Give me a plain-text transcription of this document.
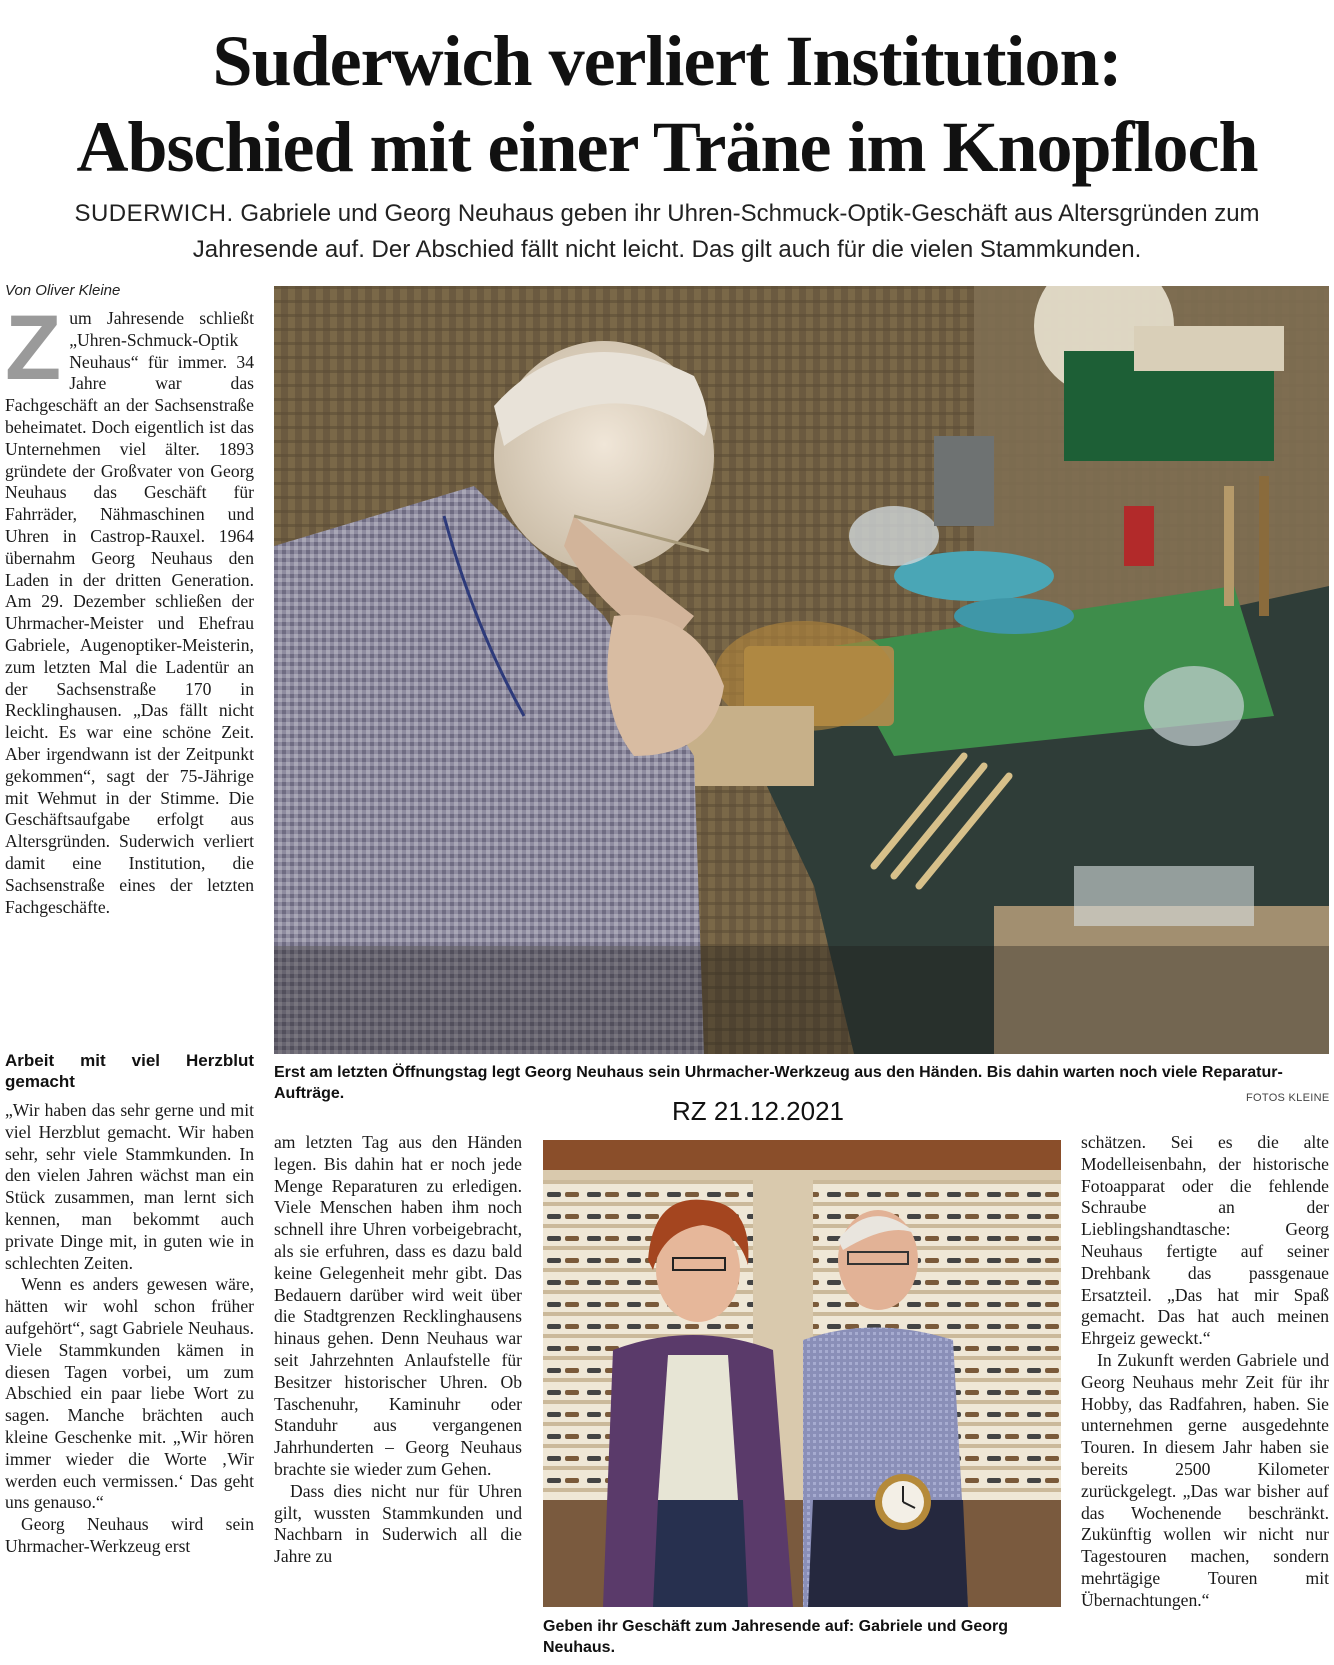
Suderwich verliert Institution:
Abschied mit einer Träne im Knopfloch
SUDERWICH. Gabriele und Georg Neuhaus geben ihr Uhren-Schmuck-Optik-Geschäft aus Altersgründen zum Jahresende auf. Der Abschied fällt nicht leicht. Das gilt auch für die vielen Stammkunden.
Von Oliver Kleine
Zum Jahresende schließt „Uhren-Schmuck-Optik Neuhaus“ für immer. 34 Jahre war das Fachgeschäft an der Sachsenstraße beheimatet. Doch eigentlich ist das Unternehmen viel älter. 1893 gründete der Großvater von Georg Neuhaus das Geschäft für Fahrräder, Nähmaschinen und Uhren in Castrop-Rauxel. 1964 übernahm Georg Neuhaus den Laden in der dritten Generation. Am 29. Dezember schließen der Uhrmacher-Meister und Ehefrau Gabriele, Augenoptiker-Meisterin, zum letzten Mal die Ladentür an der Sachsenstraße 170 in Recklinghausen. „Das fällt nicht leicht. Es war eine schöne Zeit. Aber irgendwann ist der Zeitpunkt gekommen“, sagt der 75-Jährige mit Wehmut in der Stimme. Die Geschäftsaufgabe erfolgt aus Altersgründen. Suderwich verliert damit eine Institution, die Sachsenstraße eines der letzten Fachgeschäfte.
Arbeit mit viel Herzblut gemacht

„Wir haben das sehr gerne und mit viel Herzblut gemacht. Wir haben sehr, sehr viele Stammkunden. In den vielen Jahren wächst man ein Stück zusammen, man lernt sich kennen, man bekommt auch private Dinge mit, in guten wie in schlechten Zeiten.

Wenn es anders gewesen wäre, hätten wir wohl schon früher aufgehört“, sagt Gabriele Neuhaus. Viele Stammkunden kämen in diesen Tagen vorbei, um zum Abschied ein paar liebe Wort zu sagen. Manche brächten auch kleine Geschenke mit. „Wir hören immer wieder die Worte ‚Wir werden euch vermissen.‘ Das geht uns genauso.“

Georg Neuhaus wird sein Uhrmacher-Werkzeug erst

am letzten Tag aus den Händen legen. Bis dahin hat er noch jede Menge Reparaturen zu erledigen. Viele Menschen haben ihm noch schnell ihre Uhren vorbeigebracht, als sie erfuhren, dass es dazu bald keine Gelegenheit mehr gibt. Das Bedauern darüber wird weit über die Stadtgrenzen Recklinghausens hinaus gehen. Denn Neuhaus war seit Jahrzehnten Anlaufstelle für Besitzer historischer Uhren. Ob Taschenuhr, Kaminuhr oder Standuhr aus vergangenen Jahrhunderten – Georg Neuhaus brachte sie wieder zum Gehen.

Dass dies nicht nur für Uhren gilt, wussten Stammkunden und Nachbarn in Suderwich all die Jahre zu

schätzen. Sei es die alte Modelleisenbahn, der historische Fotoapparat oder die fehlende Schraube an der Lieblingshandtasche: Georg Neuhaus fertigte auf seiner Drehbank das passgenaue Ersatzteil. „Das hat mir Spaß gemacht. Das hat auch meinen Ehrgeiz geweckt.“

In Zukunft werden Gabriele und Georg Neuhaus mehr Zeit für ihr Hobby, das Radfahren, haben. Sie unternehmen gerne ausgedehnte Touren. In diesem Jahr haben sie bereits 2500 Kilometer zurückgelegt. „Das war bisher auf das Wochenende beschränkt. Zukünftig wollen wir nicht nur Tagestouren machen, sondern mehrtägige Touren mit Übernachtungen.“

Erst am letzten Öffnungstag legt Georg Neuhaus sein Uhrmacher-Werkzeug aus den Händen. Bis dahin warten noch viele Reparatur-Aufträge.	FOTOS KLEINE
RZ 21.12.2021
Geben ihr Geschäft zum Jahresende auf: Gabriele und Georg Neuhaus.
